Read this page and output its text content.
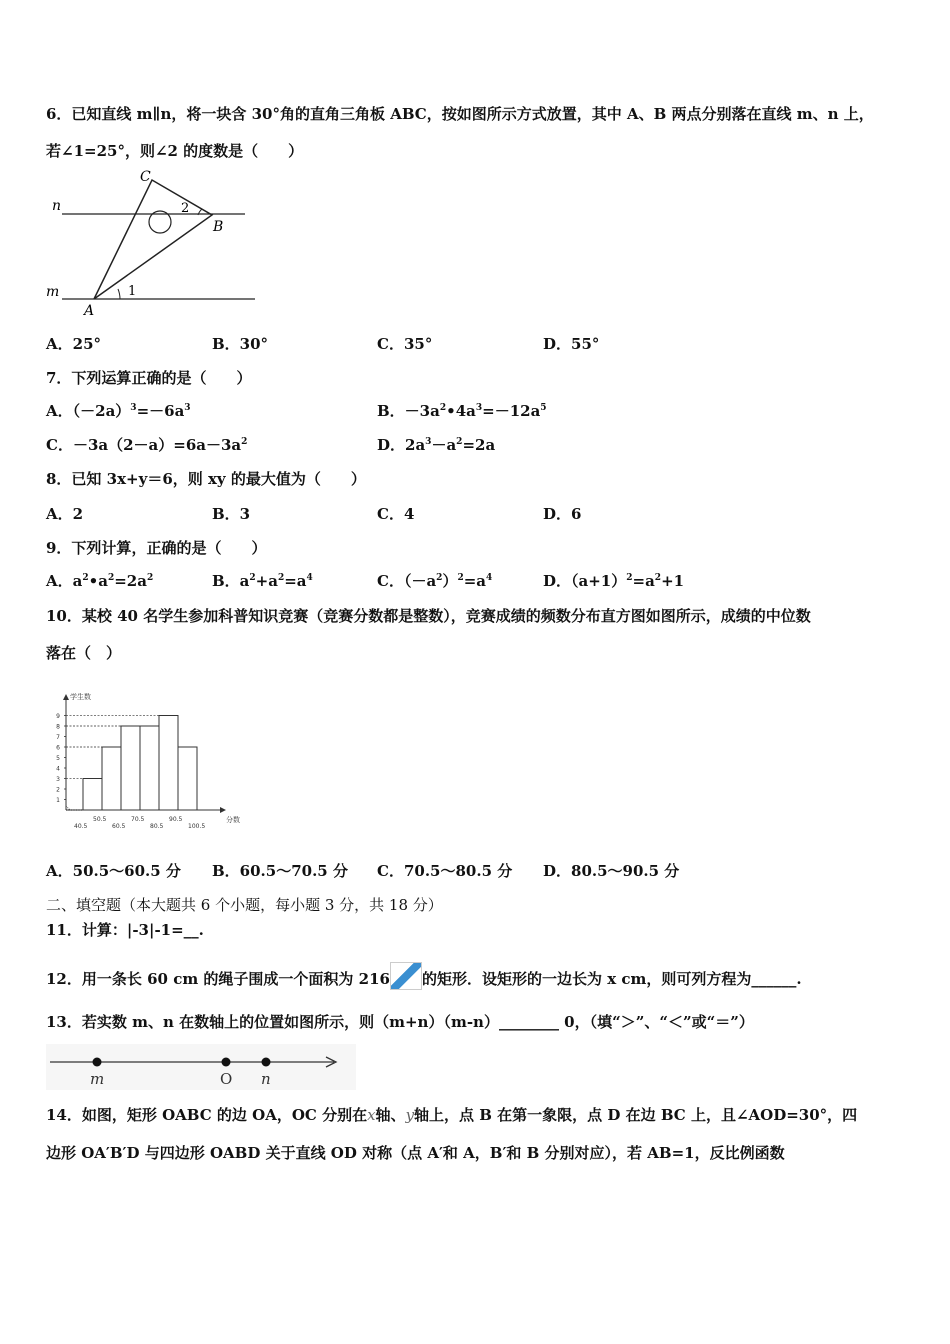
6．已知直线 m∥n，将一块含 30°角的直角三角板 ABC，按如图所示方式放置，其中 A、B 两点分别落在直线 m、n 上，
若∠1=25°，则∠2 的度数是（　　）
C
n	2
B
m
A
1
A．25°	B．30°	C．35°	D．55°
7．下列运算正确的是（　　）
A．$(-2a)^3=-6a^3$	B．$-3a^2•4a^3=-12a^5$
C．$-3a(2-a)=6a-3a^2$	D．$2a^3-a^2=2a$
8．已知 3x+y＝6，则 xy 的最大值为（　　）
A．2	B．3	C．4	D．6
9．下列计算，正确的是（　　）
A．$a^2•a^2=2a^2$	B．$a^2+a^2=a^4$	C．$(-a^2)^2=a^4$	D．$(a+1)^2=a^2+1$
10．某校 40 名学生参加科普知识竞赛（竞赛分数都是整数），竞赛成绩的频数分布直方图如图所示，成绩的中位数
落在（　）
1
2
3
4
5
6
7
8
9
40.5
50.5
60.5
70.5
80.5
90.5
100.5
学生数
分数
A．50.5～60.5 分 B．60.5～70.5 分 C．70.5～80.5 分 D．80.5～90.5 分
二、填空题（本大题共 6 个小题，每小题 3 分，共 18 分）
11．计算：|-3|-1=__.
12．用一条长 60 cm 的绳子围成一个面积为 216 的矩形．设矩形的一边长为 x cm，则可列方程为______.
13．若实数 m、n 在数轴上的位置如图所示，则（m+n）（m-n）________ 0，（填“＞”、“＜”或“＝”）
m	O n
14．如图，矩形 OABC 的边 OA，OC 分别在x轴、y轴上，点 B 在第一象限，点 D 在边 BC 上，且∠AOD=30°，四
边形 OA′B′D 与四边形 OABD 关于直线 OD 对称（点 A′和 A，B′和 B 分别对应），若 AB=1，反比例函数
